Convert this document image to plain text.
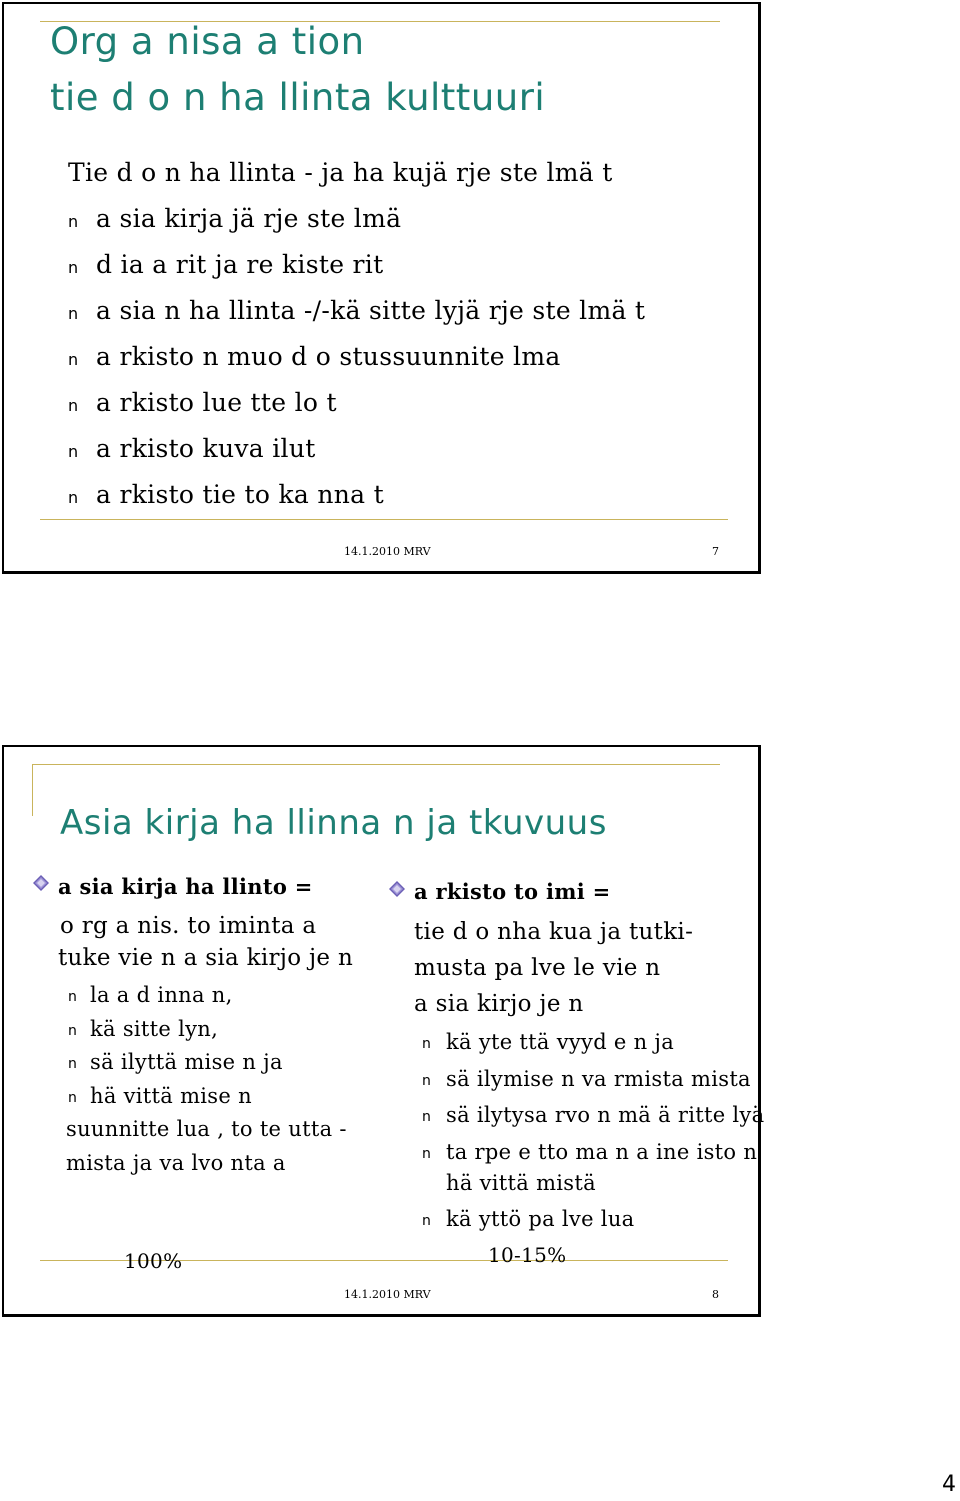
Org a nisa a tion
tie d o n ha llinta kulttuuri
Tie d o n ha llinta - ja ha kujä rje ste lmä t
n a sia kirja jä rje ste lmä
n d ia a rit ja re kiste rit
n a sia n ha llinta -/-kä sitte lyjä rje ste lmä t
n a rkisto n muo d o stussuunnite lma
n a rkisto lue tte lo t
n a rkisto kuva ilut
n a rkisto tie to ka nna t
14.1.2010 MRV	7
Asia kirja ha llinna n ja tkuvuus
a sia kirja ha llinto =
o rg a nis. to iminta a
tuke vie n a sia kirjo je n
n la a d inna n,
n kä sitte lyn,
n sä ilyttä mise n ja
n hä vittä mise n
suunnitte lua , to te utta -
mista ja va lvo nta a
100%
a rkisto to imi =
tie d o nha kua ja tutki-
musta pa lve le vie n
a sia kirjo je n
n kä yte ttä vyyd e n ja
n sä ilymise n va rmista mista
n sä ilytysa rvo n mä ä ritte lyä
n ta rpe e tto ma n a ine isto n
hä vittä mistä
n kä yttö pa lve lua
10-15%
14.1.2010 MRV	8
4
